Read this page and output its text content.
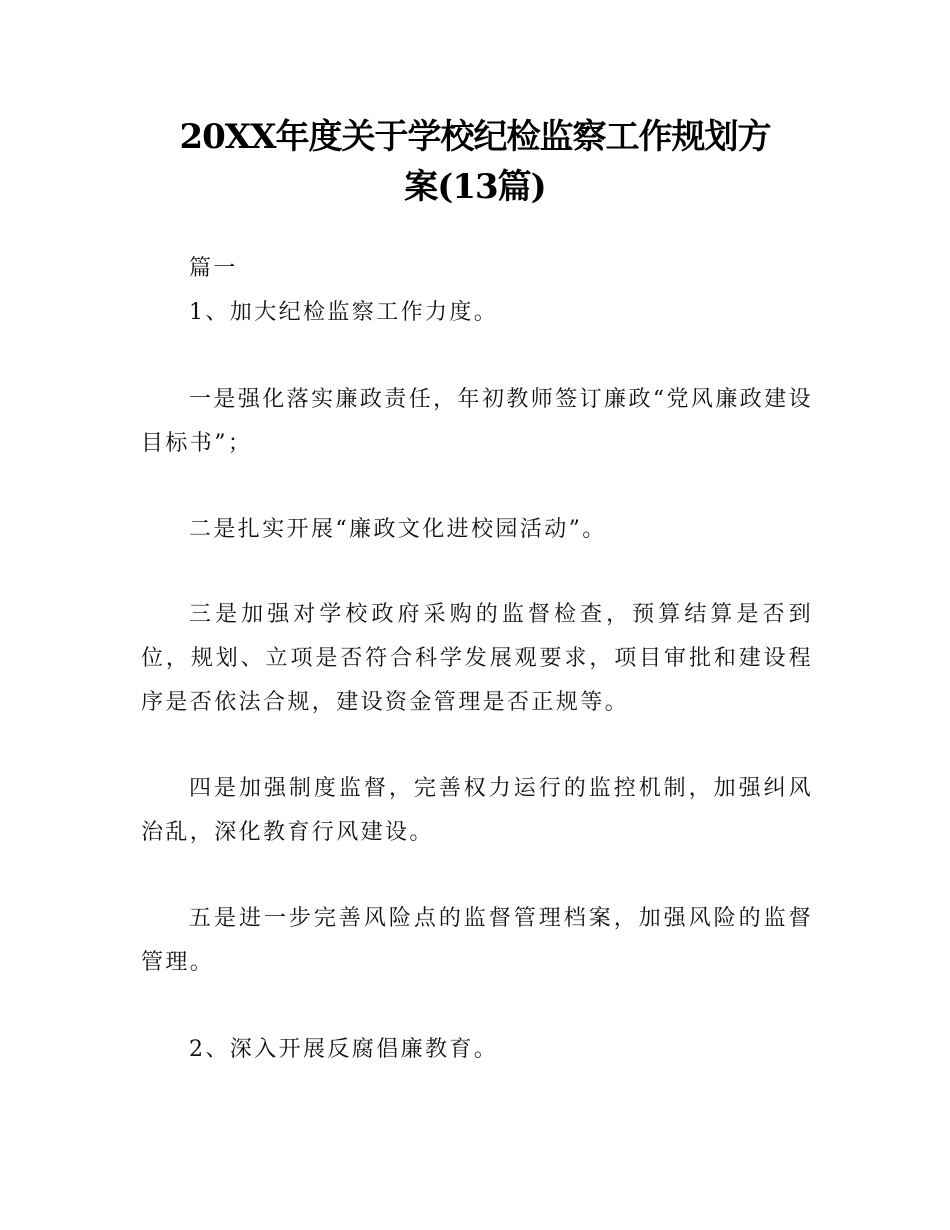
20XX年度关于学校纪检监察工作规划方
案(13篇)

篇一

1、加大纪检监察工作力度。

一是强化落实廉政责任，年初教师签订廉政“党风廉政建设目标书”；

二是扎实开展“廉政文化进校园活动”。

三是加强对学校政府采购的监督检查，预算结算是否到位，规划、立项是否符合科学发展观要求，项目审批和建设程序是否依法合规，建设资金管理是否正规等。

四是加强制度监督，完善权力运行的监控机制，加强纠风治乱，深化教育行风建设。

五是进一步完善风险点的监督管理档案，加强风险的监督管理。

2、深入开展反腐倡廉教育。
